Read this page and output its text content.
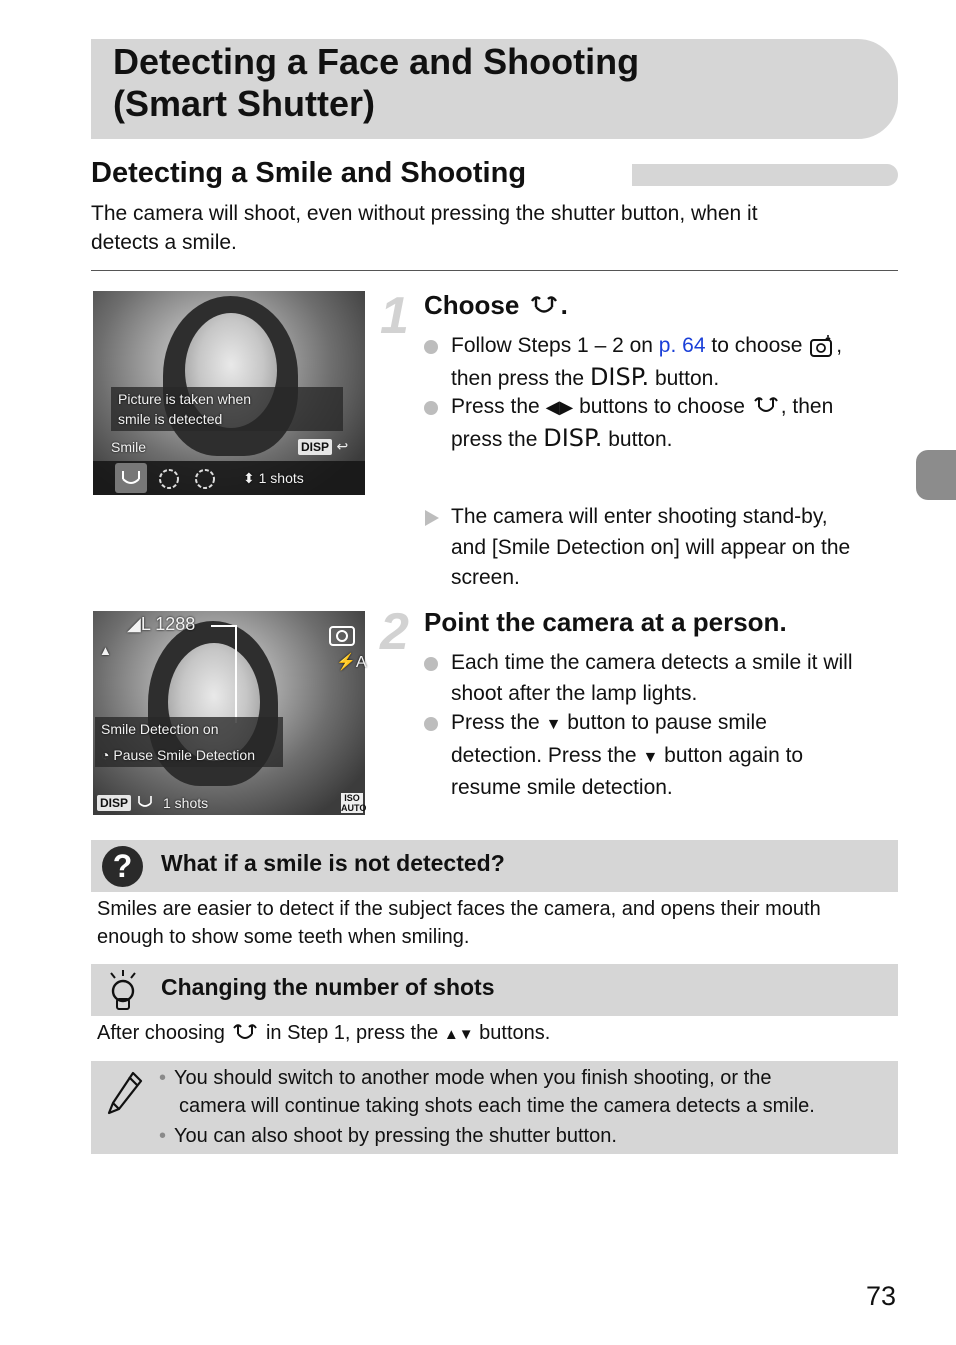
Detecting a Face and Shooting
(Smart Shutter)
Detecting a Smile and Shooting
The camera will shoot, even without pressing the shutter button, when it
detects a smile.
Picture is taken when
smile is detected
Smile	DISP ↩
⬍ 1 shots
◢L 1288
⚡A
▲
Smile Detection on
◔ Pause Smile Detection
DISP 1 shots	ISO
AUTO
1 Choose .
Follow Steps 1 – 2 on p. 64 to choose ,
then press the DISP. button.
Press the ◀▶ buttons to choose , then
press the DISP. button.
The camera will enter shooting stand-by,
and [Smile Detection on] will appear on the
screen.
2 Point the camera at a person.
Each time the camera detects a smile it will
shoot after the lamp lights.
Press the ▼ button to pause smile
detection. Press the ▼ button again to
resume smile detection.
?	What if a smile is not detected?
Smiles are easier to detect if the subject faces the camera, and opens their mouth
enough to show some teeth when smiling.
Changing the number of shots
After choosing in Step 1, press the ▲▼ buttons.
• You should switch to another mode when you finish shooting, or the
camera will continue taking shots each time the camera detects a smile.
• You can also shoot by pressing the shutter button.
73
